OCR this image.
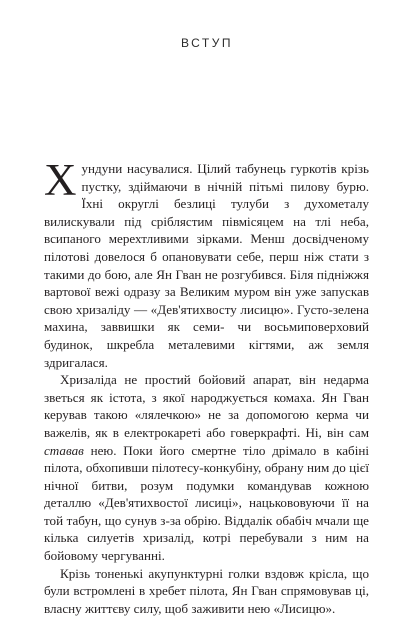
ВСТУП

Хундуни насувалися. Цілий табунець гуркотів крізь пустку, здіймаючи в нічній пітьмі пилову бурю. Їхні округлі безлиці тулуби з духометалу вилискували під сріблястим півмісяцем на тлі неба, всипаного мерехтливими зірками. Менш досвідченому пілотові довелося б опановувати себе, перш ніж стати з такими до бою, але Ян Гван не розгубився. Біля підніжжя вартової вежі одразу за Великим муром він уже запускав свою хризаліду — «Дев'ятихвосту лисицю». Густо-зелена махина, заввишки як семи- чи восьмиповерховий будинок, шкребла металевими кігтями, аж земля здригалася.

Хризаліда не простий бойовий апарат, він недарма зветься як істота, з якої народжується комаха. Ян Гван керував такою «лялечкою» не за допомогою керма чи важелів, як в електрокареті або говеркрафті. Ні, він сам ставав нею. Поки його смертне тіло дрімало в кабіні пілота, обхопивши пілотесу-конкубіну, обрану ним до цієї нічної битви, розум подумки командував кожною деталлю «Дев'ятихвостої лисиці», нацькововуючи її на той табун, що сунув з-за обрію. Віддалік обабіч мчали ще кілька силуетів хризалід, котрі перебували з ним на бойовому чергуванні.

Крізь тоненькі акупунктурні голки вздовж крісла, що були встромлені в хребет пілота, Ян Гван спрямовував ці, власну життєву силу, щоб заживити нею «Лисицю».
